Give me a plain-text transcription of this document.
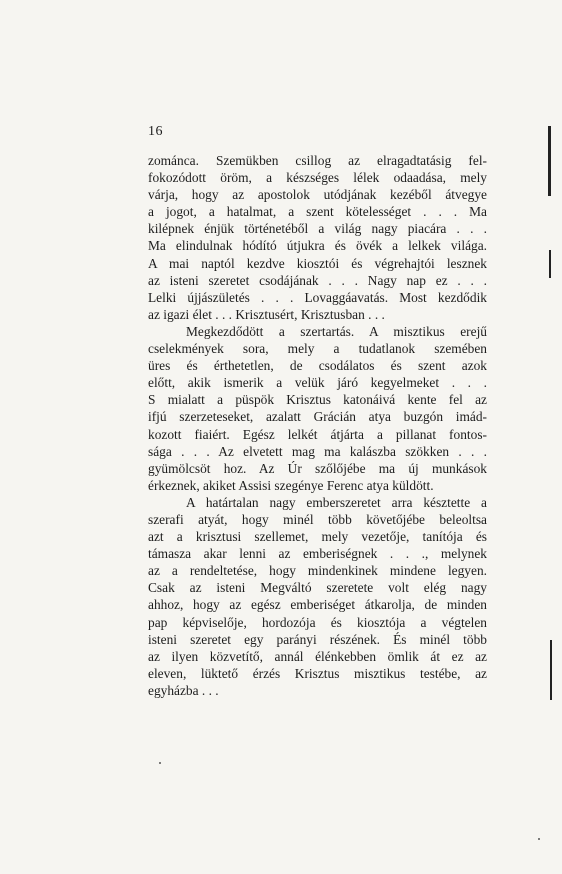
16

zománca. Szemükben csillog az elragadtatásig fel-
fokozódott öröm, a készséges lélek odaadása, mely
várja, hogy az apostolok utódjának kezéből átvegye
a jogot, a hatalmat, a szent kötelességet . . . Ma
kilépnek énjük történetéből a világ nagy piacára . . .
Ma elindulnak hódító útjukra és övék a lelkek világa.
A mai naptól kezdve kiosztói és végrehajtói lesznek
az isteni szeretet csodájának . . . Nagy nap ez . . .
Lelki újjászületés . . . Lovaggáavatás. Most kezdődik
az igazi élet . . . Krisztusért, Krisztusban . . .

Megkezdődött a szertartás. A misztikus erejű
cselekmények sora, mely a tudatlanok szemében
üres és érthetetlen, de csodálatos és szent azok
előtt, akik ismerik a velük járó kegyelmeket . . .
S mialatt a püspök Krisztus katonáivá kente fel az
ifjú szerzeteseket, azalatt Grácián atya buzgón imád-
kozott fiaiért. Egész lelkét átjárta a pillanat fontos-
sága . . . Az elvetett mag ma kalászba szökken . . .
gyümölcsöt hoz. Az Úr szőlőjébe ma új munkások
érkeznek, akiket Assisi szegénye Ferenc atya küldött.

A határtalan nagy emberszeretet arra késztette a
szerafi atyát, hogy minél több követőjébe beleoltsa
azt a krisztusi szellemet, mely vezetője, tanítója és
támasza akar lenni az emberiségnek . . ., melynek
az a rendeltetése, hogy mindenkinek mindene legyen.
Csak az isteni Megváltó szeretete volt elég nagy
ahhoz, hogy az egész emberiséget átkarolja, de minden
pap képviselője, hordozója és kiosztója a végtelen
isteni szeretet egy parányi részének. És minél több
az ilyen közvetítő, annál élénkebben ömlik át ez az
eleven, lüktető érzés Krisztus misztikus testébe, az
egyházba . . .
